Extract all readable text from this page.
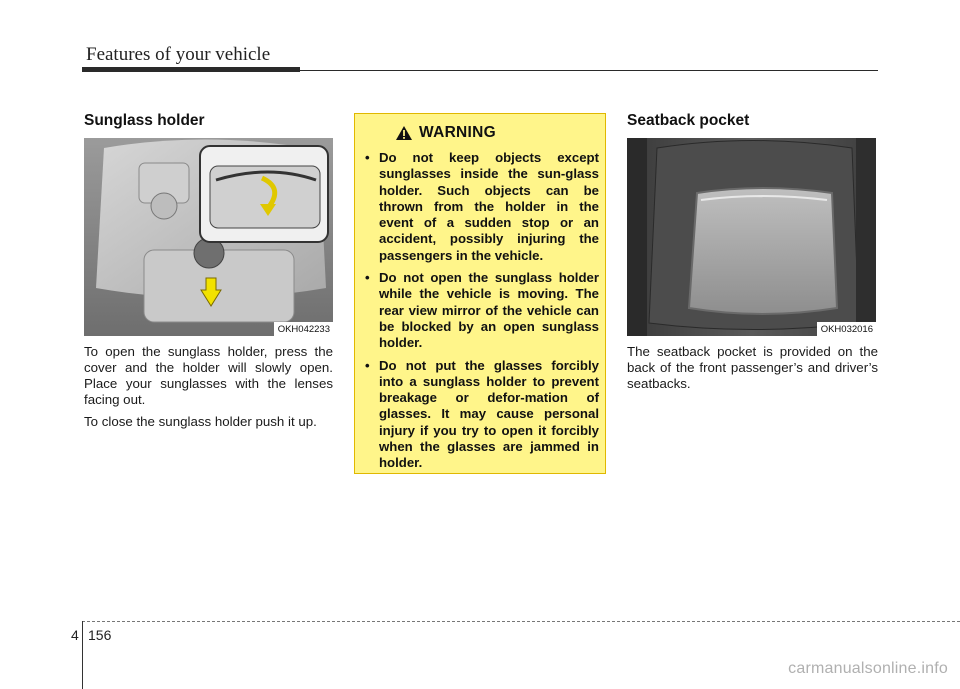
Features of your vehicle
Sunglass holder
OKH042233

To open the sunglass holder, press the cover and the holder will slowly open. Place your sunglasses with the lenses facing out.

To close the sunglass holder push it up.

WARNING
• Do not keep objects except sunglasses inside the sun-glass holder. Such objects can be thrown from the holder in the event of a sudden stop or an accident, possibly injuring the passengers in the vehicle.
• Do not open the sunglass holder while the vehicle is moving. The rear view mirror of the vehicle can be blocked by an open sunglass holder.
• Do not put the glasses forcibly into a sunglass holder to prevent breakage or defor-mation of glasses. It may cause personal injury if you try to open it forcibly when the glasses are jammed in holder.
Seatback pocket
OKH032016

The seatback pocket is provided on the back of the front passenger’s and driver’s seatbacks.

4 156
carmanualsonline.info
